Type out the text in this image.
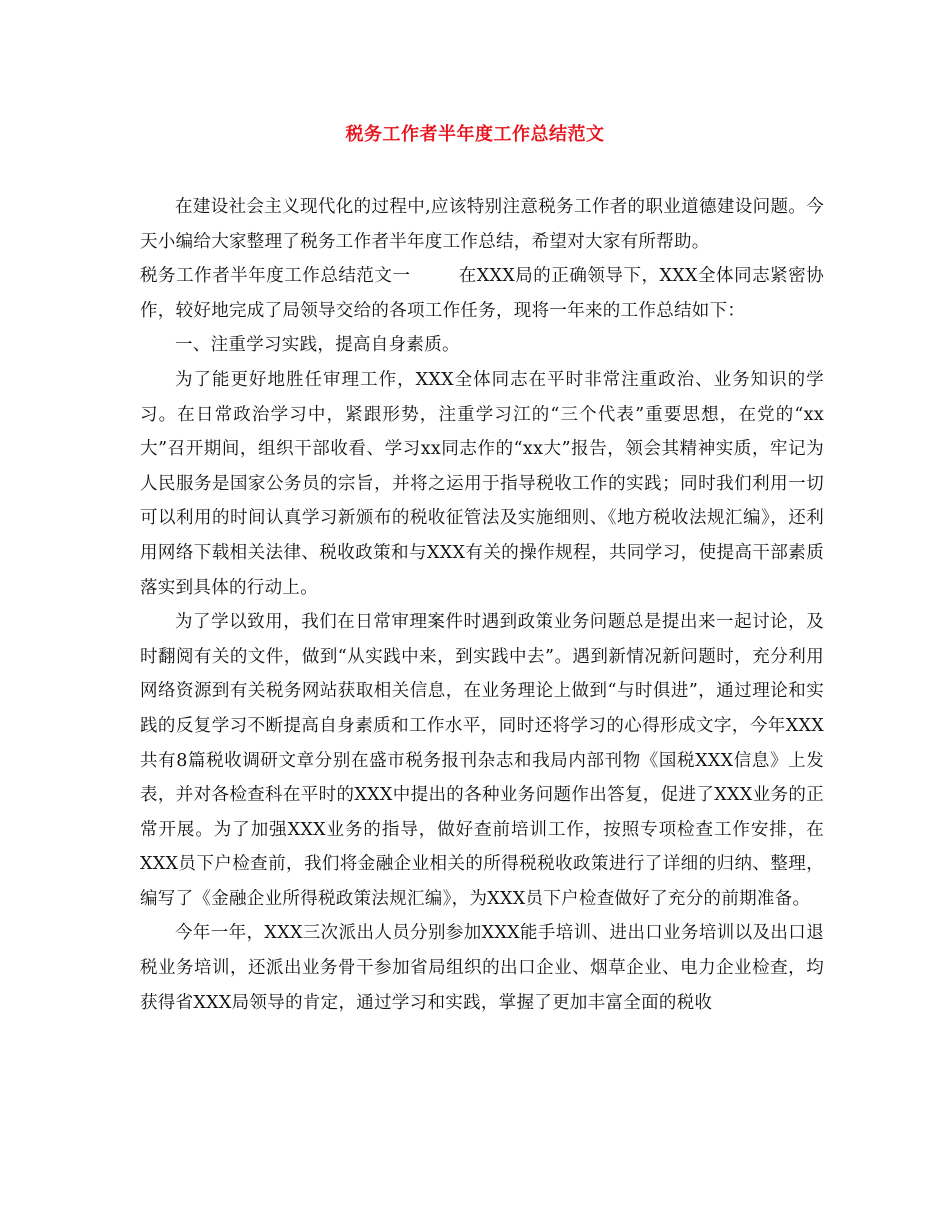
税务工作者半年度工作总结范文

在建设社会主义现代化的过程中,应该特别注意税务工作者的职业道德建设问题。今天小编给大家整理了税务工作者半年度工作总结，希望对大家有所帮助。

税务工作者半年度工作总结范文一	在XXX局的正确领导下，XXX全体同志紧密协作，较好地完成了局领导交给的各项工作任务，现将一年来的工作总结如下：

一、注重学习实践，提高自身素质。

为了能更好地胜任审理工作，XXX全体同志在平时非常注重政治、业务知识的学习。在日常政治学习中，紧跟形势，注重学习江的“三个代表”重要思想，在党的“xx大”召开期间，组织干部收看、学习xx同志作的“xx大”报告，领会其精神实质，牢记为人民服务是国家公务员的宗旨，并将之运用于指导税收工作的实践；同时我们利用一切可以利用的时间认真学习新颁布的税收征管法及实施细则、《地方税收法规汇编》，还利用网络下载相关法律、税收政策和与XXX有关的操作规程，共同学习，使提高干部素质落实到具体的行动上。

为了学以致用，我们在日常审理案件时遇到政策业务问题总是提出来一起讨论，及时翻阅有关的文件，做到“从实践中来，到实践中去”。遇到新情况新问题时，充分利用网络资源到有关税务网站获取相关信息，在业务理论上做到“与时俱进”，通过理论和实践的反复学习不断提高自身素质和工作水平，同时还将学习的心得形成文字，今年XXX共有8篇税收调研文章分别在盛市税务报刊杂志和我局内部刊物《国税XXX信息》上发表，并对各检查科在平时的XXX中提出的各种业务问题作出答复，促进了XXX业务的正常开展。为了加强XXX业务的指导，做好查前培训工作，按照专项检查工作安排，在XXX员下户检查前，我们将金融企业相关的所得税税收政策进行了详细的归纳、整理，编写了《金融企业所得税政策法规汇编》，为XXX员下户检查做好了充分的前期准备。

今年一年，XXX三次派出人员分别参加XXX能手培训、进出口业务培训以及出口退税业务培训，还派出业务骨干参加省局组织的出口企业、烟草企业、电力企业检查，均获得省XXX局领导的肯定，通过学习和实践，掌握了更加丰富全面的税收
